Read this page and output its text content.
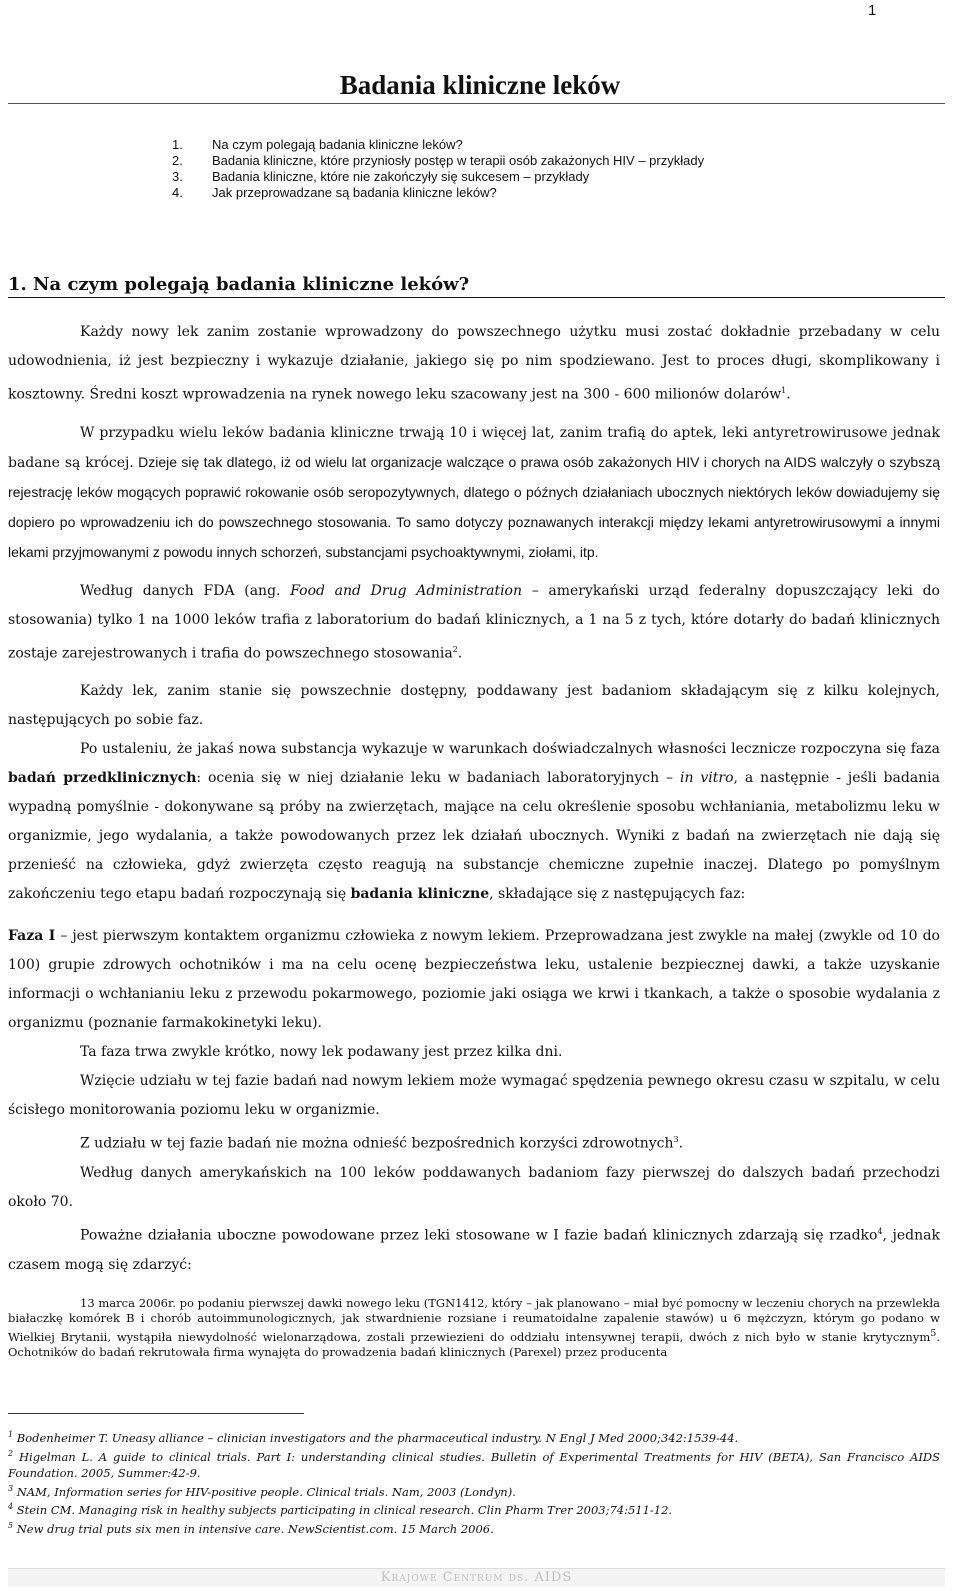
1
Badania kliniczne leków
1. Na czym polegają badania kliniczne leków?
2. Badania kliniczne, które przyniosły postęp w terapii osób zakażonych HIV – przykłady
3. Badania kliniczne, które nie zakończyły się sukcesem – przykłady
4. Jak przeprowadzane są badania kliniczne leków?
1. Na czym polegają badania kliniczne leków?

Każdy nowy lek zanim zostanie wprowadzony do powszechnego użytku musi zostać dokładnie przebadany w celu udowodnienia, iż jest bezpieczny i wykazuje działanie, jakiego się po nim spodziewano. Jest to proces długi, skomplikowany i kosztowny. Średni koszt wprowadzenia na rynek nowego leku szacowany jest na 300 - 600 milionów dolarów$^1$.

W przypadku wielu leków badania kliniczne trwają 10 i więcej lat, zanim trafią do aptek, leki antyretrowirusowe jednak badane są krócej. Dzieje się tak dlatego, iż od wielu lat organizacje walczące o prawa osób zakażonych HIV i chorych na AIDS walczyły o szybszą rejestrację leków mogących poprawić rokowanie osób seropozytywnych, dlatego o późnych działaniach ubocznych niektórych leków dowiadujemy się dopiero po wprowadzeniu ich do powszechnego stosowania. To samo dotyczy poznawanych interakcji między lekami antyretrowirusowymi a innymi lekami przyjmowanymi z powodu innych schorzeń, substancjami psychoaktywnymi, ziołami, itp.

Według danych FDA (ang. Food and Drug Administration – amerykański urząd federalny dopuszczający leki do stosowania) tylko 1 na 1000 leków trafia z laboratorium do badań klinicznych, a 1 na 5 z tych, które dotarły do badań klinicznych zostaje zarejestrowanych i trafia do powszechnego stosowania$^2$.

Każdy lek, zanim stanie się powszechnie dostępny, poddawany jest badaniom składającym się z kilku kolejnych, następujących po sobie faz.

Po ustaleniu, że jakaś nowa substancja wykazuje w warunkach doświadczalnych własności lecznicze rozpoczyna się faza badań przedklinicznych: ocenia się w niej działanie leku w badaniach laboratoryjnych – in vitro, a następnie - jeśli badania wypadną pomyślnie - dokonywane są próby na zwierzętach, mające na celu określenie sposobu wchłaniania, metabolizmu leku w organizmie, jego wydalania, a także powodowanych przez lek działań ubocznych. Wyniki z badań na zwierzętach nie dają się przenieść na człowieka, gdyż zwierzęta często reagują na substancje chemiczne zupełnie inaczej. Dlatego po pomyślnym zakończeniu tego etapu badań rozpoczynają się badania kliniczne, składające się z następujących faz:

Faza I – jest pierwszym kontaktem organizmu człowieka z nowym lekiem. Przeprowadzana jest zwykle na małej (zwykle od 10 do 100) grupie zdrowych ochotników i ma na celu ocenę bezpieczeństwa leku, ustalenie bezpiecznej dawki, a także uzyskanie informacji o wchłanianiu leku z przewodu pokarmowego, poziomie jaki osiąga we krwi i tkankach, a także o sposobie wydalania z organizmu (poznanie farmakokinetyki leku).

Ta faza trwa zwykle krótko, nowy lek podawany jest przez kilka dni.

Wzięcie udziału w tej fazie badań nad nowym lekiem może wymagać spędzenia pewnego okresu czasu w szpitalu, w celu ścisłego monitorowania poziomu leku w organizmie.

Z udziału w tej fazie badań nie można odnieść bezpośrednich korzyści zdrowotnych$^3$.

Według danych amerykańskich na 100 leków poddawanych badaniom fazy pierwszej do dalszych badań przechodzi około 70.

Poważne działania uboczne powodowane przez leki stosowane w I fazie badań klinicznych zdarzają się rzadko$^4$, jednak czasem mogą się zdarzyć:

13 marca 2006r. po podaniu pierwszej dawki nowego leku (TGN1412, który – jak planowano – miał być pomocny w leczeniu chorych na przewlekła białaczkę komórek B i chorób autoimmunologicznych, jak stwardnienie rozsiane i reumatoidalne zapalenie stawów) u 6 mężczyzn, którym go podano w Wielkiej Brytanii, wystąpiła niewydolność wielonarządowa, zostali przewiezieni do oddziału intensywnej terapii, dwóch z nich było w stanie krytycznym$^5$. Ochotników do badań rekrutowała firma wynajęta do prowadzenia badań klinicznych (Parexel) przez producenta

$^1$ Bodenheimer T. Uneasy alliance – clinician investigators and the pharmaceutical industry. N Engl J Med 2000;342:1539-44.

$^2$ Higelman L. A guide to clinical trials. Part I: understanding clinical studies. Bulletin of Experimental Treatments for HIV (BETA), San Francisco AIDS Foundation. 2005, Summer:42-9.

$^3$ NAM, Information series for HIV-positive people. Clinical trials. Nam, 2003 (Londyn).

$^4$ Stein CM. Managing risk in healthy subjects participating in clinical research. Clin Pharm Trer 2003;74:511-12.

$^5$ New drug trial puts six men in intensive care. NewScientist.com. 15 March 2006.

Krajowe Centrum ds. AIDS
